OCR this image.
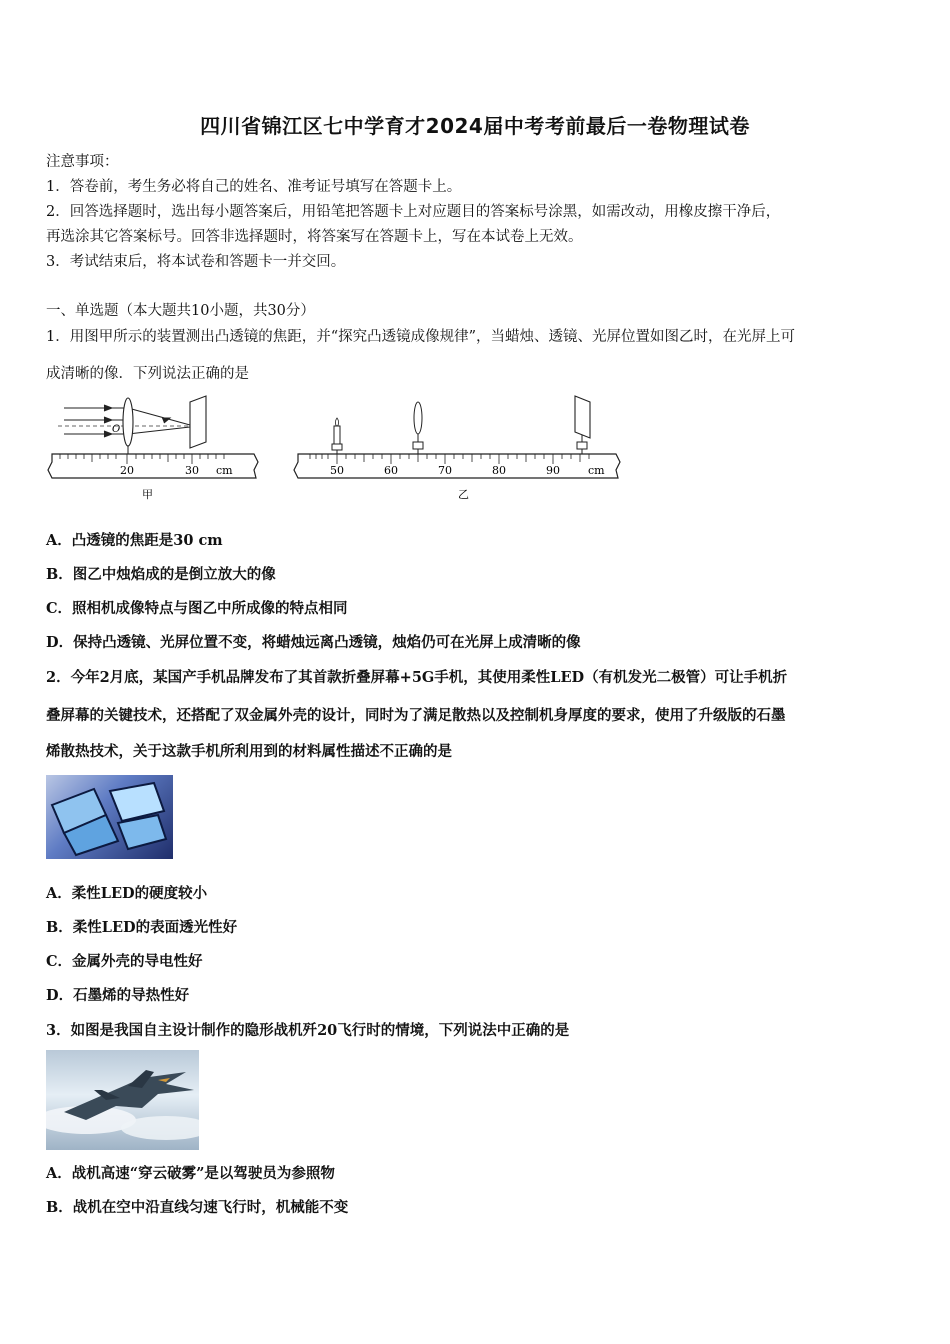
四川省锦江区七中学育才2024届中考考前最后一卷物理试卷
注意事项：
1．答卷前，考生务必将自己的姓名、准考证号填写在答题卡上。
2．回答选择题时，选出每小题答案后，用铅笔把答题卡上对应题目的答案标号涂黑，如需改动，用橡皮擦干净后，
再选涂其它答案标号。回答非选择题时，将答案写在答题卡上，写在本试卷上无效。
3．考试结束后，将本试卷和答题卡一并交回。
一、单选题（本大题共10小题，共30分）
1．用图甲所示的装置测出凸透镜的焦距，并“探究凸透镜成像规律”，当蜡烛、透镜、光屏位置如图乙时，在光屏上可
成清晰的像．下列说法正确的是
20	30 cm
O
甲
50	60	70	80	90	cm
乙
A．凸透镜的焦距是30 cm
B．图乙中烛焰成的是倒立放大的像
C．照相机成像特点与图乙中所成像的特点相同
D．保持凸透镜、光屏位置不变，将蜡烛远离凸透镜，烛焰仍可在光屏上成清晰的像
2．今年2月底，某国产手机品牌发布了其首款折叠屏幕+5G手机，其使用柔性LED（有机发光二极管）可让手机折
叠屏幕的关键技术，还搭配了双金属外壳的设计，同时为了满足散热以及控制机身厚度的要求，使用了升级版的石墨
烯散热技术，关于这款手机所利用到的材料属性描述不正确的是
A．柔性LED的硬度较小
B．柔性LED的表面透光性好
C．金属外壳的导电性好
D．石墨烯的导热性好
3．如图是我国自主设计制作的隐形战机歼20飞行时的情境，下列说法中正确的是
A．战机高速“穿云破雾”是以驾驶员为参照物
B．战机在空中沿直线匀速飞行时，机械能不变
